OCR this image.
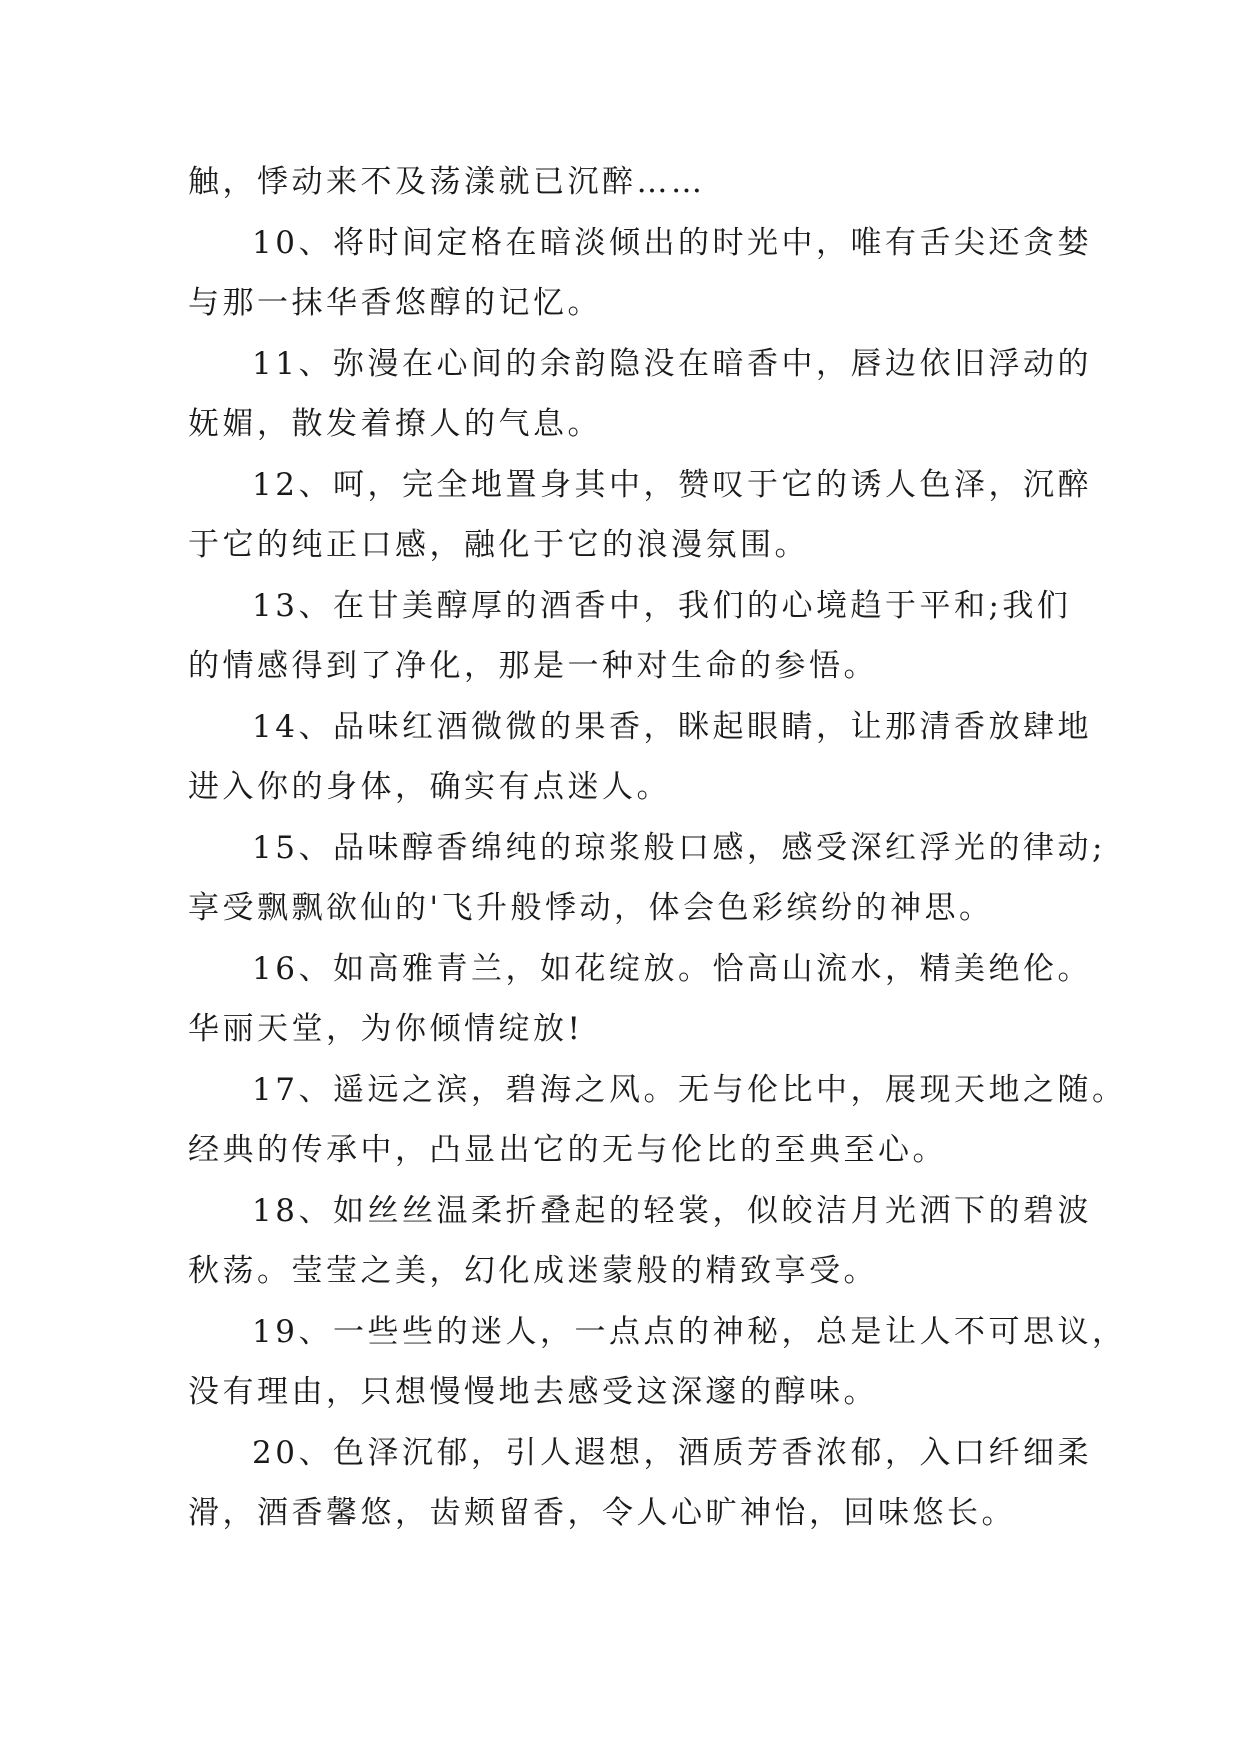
触，悸动来不及荡漾就已沉醉……

10、将时间定格在暗淡倾出的时光中，唯有舌尖还贪婪
与那一抹华香悠醇的记忆。

11、弥漫在心间的余韵隐没在暗香中，唇边依旧浮动的
妩媚，散发着撩人的气息。

12、呵，完全地置身其中，赞叹于它的诱人色泽，沉醉
于它的纯正口感，融化于它的浪漫氛围。

13、在甘美醇厚的酒香中，我们的心境趋于平和;我们
的情感得到了净化，那是一种对生命的参悟。

14、品味红酒微微的果香，眯起眼睛，让那清香放肆地
进入你的身体，确实有点迷人。

15、品味醇香绵纯的琼浆般口感，感受深红浮光的律动;
享受飘飘欲仙的'飞升般悸动，体会色彩缤纷的神思。

16、如高雅青兰，如花绽放。恰高山流水，精美绝伦。
华丽天堂，为你倾情绽放!

17、遥远之滨，碧海之风。无与伦比中，展现天地之随。
经典的传承中，凸显出它的无与伦比的至典至心。

18、如丝丝温柔折叠起的轻裳，似皎洁月光洒下的碧波
秋荡。莹莹之美，幻化成迷蒙般的精致享受。

19、一些些的迷人，一点点的神秘，总是让人不可思议，
没有理由，只想慢慢地去感受这深邃的醇味。

20、色泽沉郁，引人遐想，酒质芳香浓郁，入口纤细柔
滑，酒香馨悠，齿颊留香，令人心旷神怡，回味悠长。
